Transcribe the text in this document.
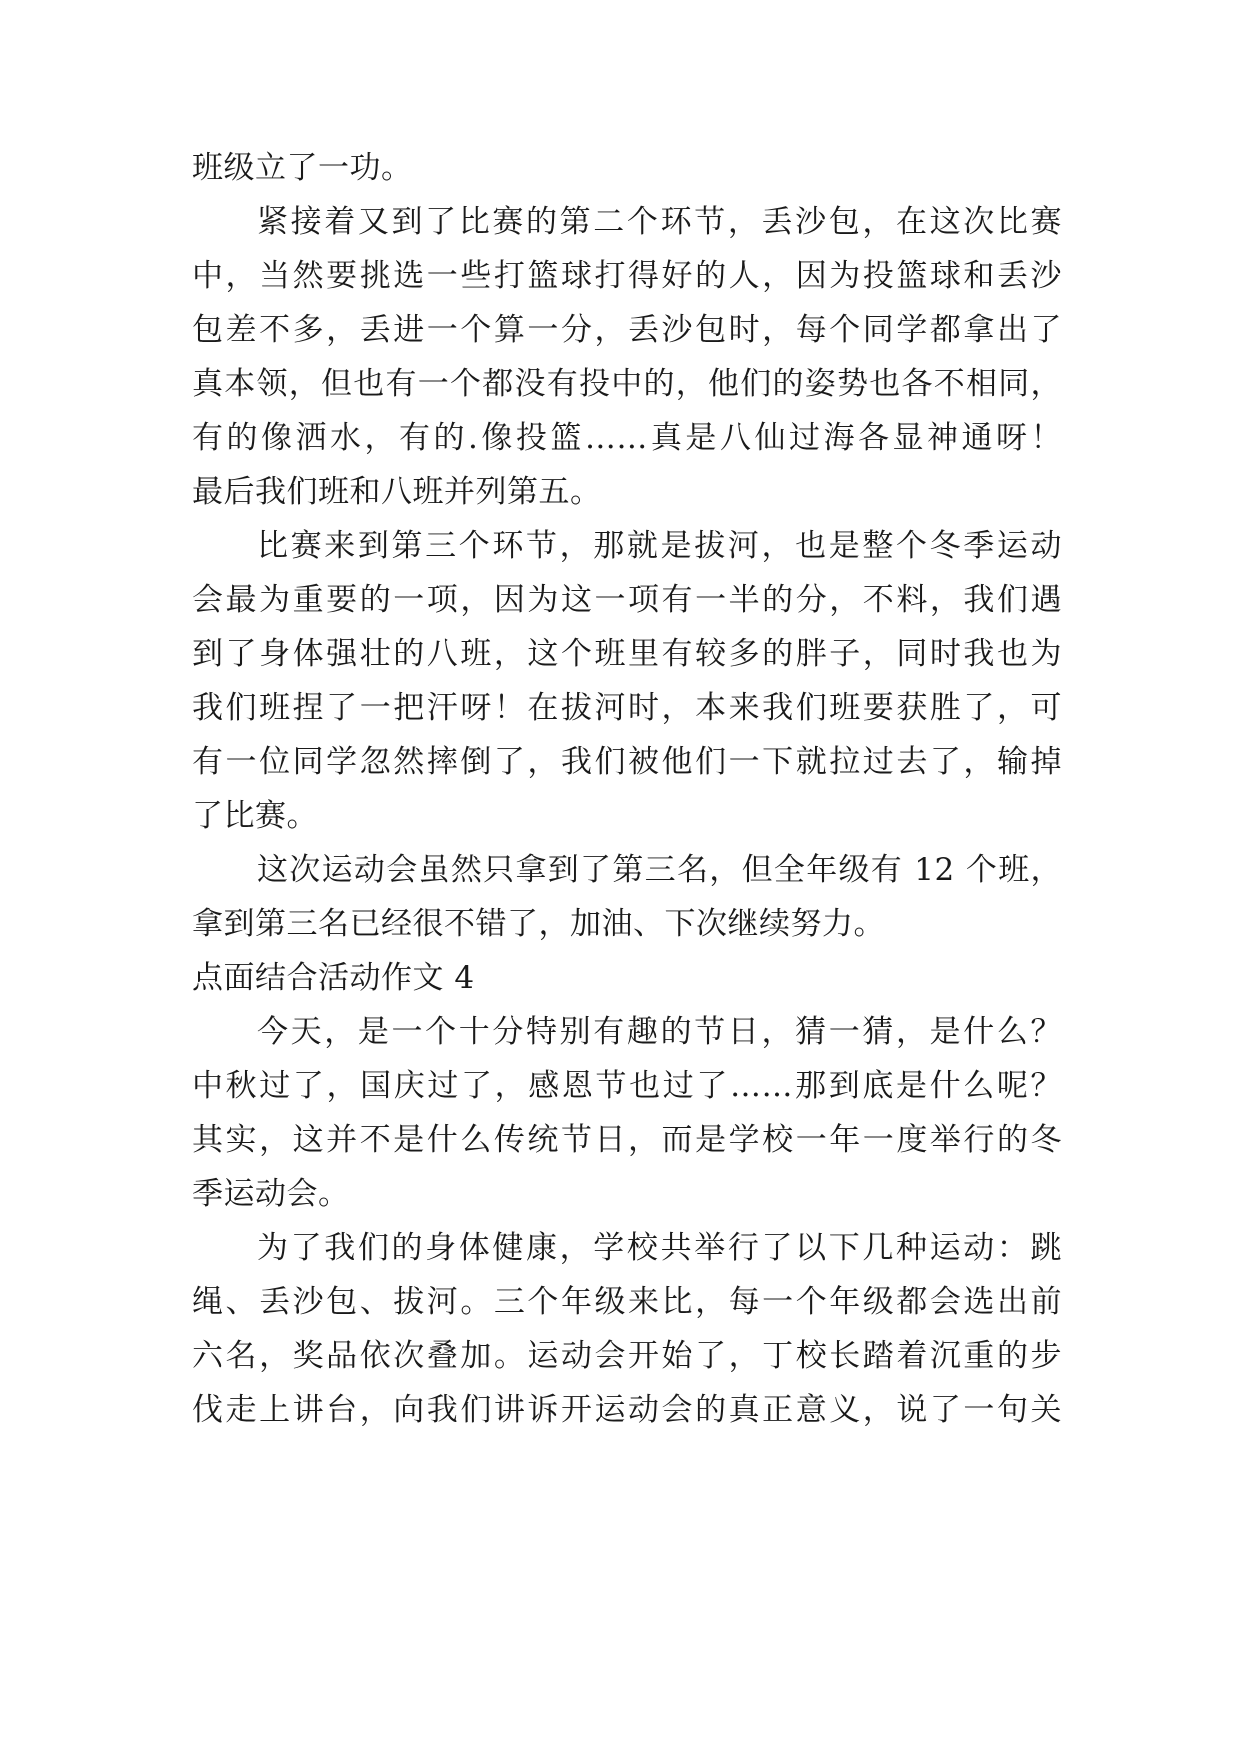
班级立了一功。
紧接着又到了比赛的第二个环节，丢沙包，在这次比赛
中，当然要挑选一些打篮球打得好的人，因为投篮球和丢沙
包差不多，丢进一个算一分，丢沙包时，每个同学都拿出了
真本领，但也有一个都没有投中的，他们的姿势也各不相同，
有的像洒水，有的.像投篮……真是八仙过海各显神通呀！
最后我们班和八班并列第五。
比赛来到第三个环节，那就是拔河，也是整个冬季运动
会最为重要的一项，因为这一项有一半的分，不料，我们遇
到了身体强壮的八班，这个班里有较多的胖子，同时我也为
我们班捏了一把汗呀！在拔河时，本来我们班要获胜了，可
有一位同学忽然摔倒了，我们被他们一下就拉过去了，输掉
了比赛。
这次运动会虽然只拿到了第三名，但全年级有 12 个班，
拿到第三名已经很不错了，加油、下次继续努力。
点面结合活动作文 4
今天，是一个十分特别有趣的节日，猜一猜，是什么？
中秋过了，国庆过了，感恩节也过了……那到底是什么呢？
其实，这并不是什么传统节日，而是学校一年一度举行的冬
季运动会。
为了我们的身体健康，学校共举行了以下几种运动：跳
绳、丢沙包、拔河。三个年级来比，每一个年级都会选出前
六名，奖品依次叠加。运动会开始了，丁校长踏着沉重的步
伐走上讲台，向我们讲诉开运动会的真正意义，说了一句关
